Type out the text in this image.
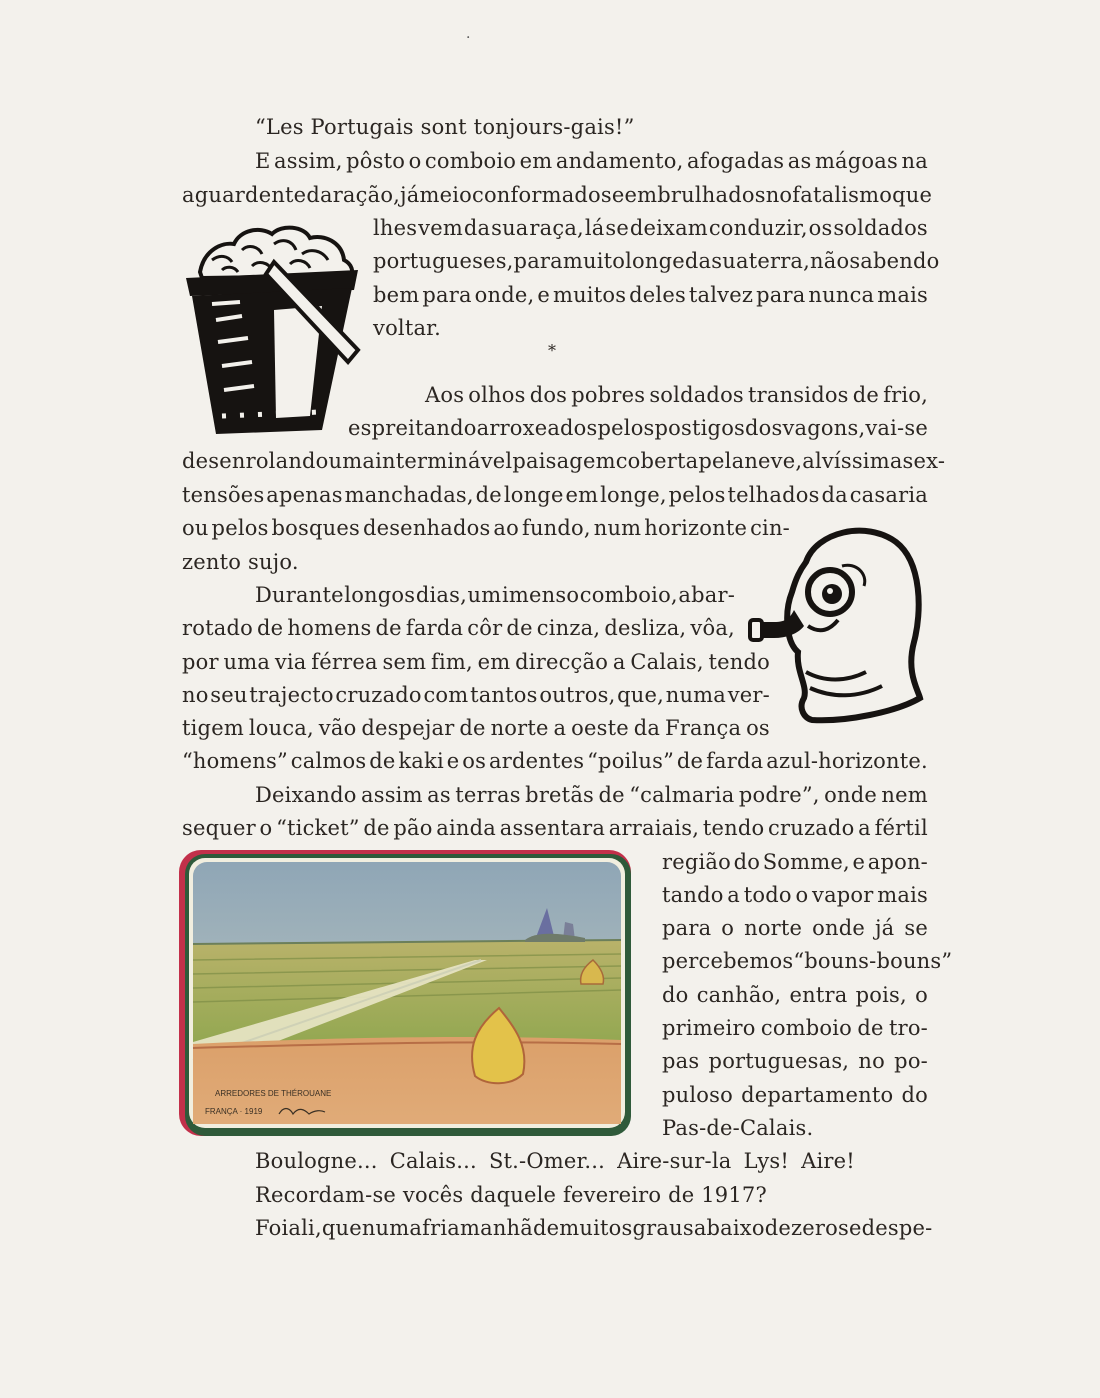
·
“Les Portugais sont tonjours-gais!”
E assim, pôsto o comboio em andamento, afogadas as mágoas na
aguardente da ração, já meio conformados e embrulhados no fatalismo que
lhes vem da sua raça, lá se deixam conduzir, os soldados
portugueses, para muito longe da sua terra, não sabendo
bem para onde, e muitos deles talvez para nunca mais
voltar.
*
Aos olhos dos pobres soldados transidos de frio,
espreitando arroxeados pelos postigos dos vagons, vai-se
desenrolando uma interminável paisagem coberta pela neve, alvíssimas ex-
tensões apenas manchadas, de longe em longe, pelos telhados da casaria
ou pelos bosques desenhados ao fundo, num horizonte cin-
zento sujo.
Durante longos dias, um imenso comboio, abar-
rotado de homens de farda côr de cinza, desliza, vôa,
por uma via férrea sem fim, em direcção a Calais, tendo
no seu trajecto cruzado com tantos outros, que, numa ver-
tigem louca, vão despejar de norte a oeste da França os
“homens” calmos de kaki e os ardentes “poilus” de farda azul-horizonte.
Deixando assim as terras bretãs de “calmaria podre”, onde nem
sequer o “ticket” de pão ainda assentara arraiais, tendo cruzado a fértil
região do Somme, e apon-
tando a todo o vapor mais
para o norte onde já se
percebem os “bouns-bouns”
do canhão, entra pois, o
primeiro comboio de tro-
pas portuguesas, no po-
puloso departamento do
Pas-de-Calais.
Boulogne... Calais... St.-Omer... Aire-sur-la Lys! Aire!
Recordam-se vocês daquele fevereiro de 1917?
Foi ali, que numa fria manhã de muitos graus abaixo de zero se despe-
ARREDORES DE THÉROUANE
FRANÇA · 1919
